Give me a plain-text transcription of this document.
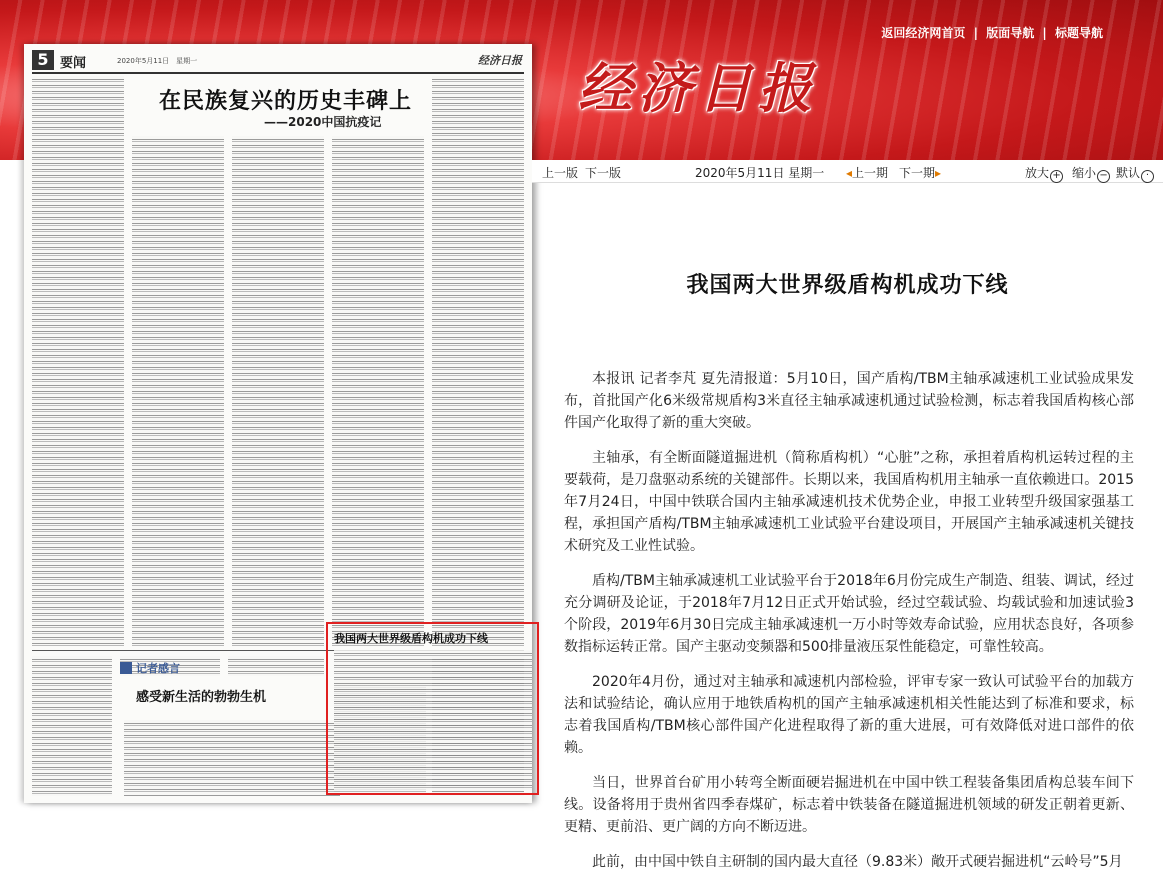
经济日报
返回经济网首页 | 版面导航 | 标题导航
5 要闻	2020年5月11日　星期一	经济日报
在民族复兴的历史丰碑上
——2020中国抗疫记
记者感言
感受新生活的勃勃生机
我国两大世界级盾构机成功下线
上一版 下一版	2020年5月11日 星期一 ◂上一期 下一期▸	放大 + 缩小 − 默认 ·
我国两大世界级盾构机成功下线

本报讯 记者李芃 夏先清报道：5月10日，国产盾构/TBM主轴承减速机工业试验成果发布，首批国产化6米级常规盾构3米直径主轴承减速机通过试验检测，标志着我国盾构核心部件国产化取得了新的重大突破。

主轴承，有全断面隧道掘进机（简称盾构机）“心脏”之称，承担着盾构机运转过程的主要载荷，是刀盘驱动系统的关键部件。长期以来，我国盾构机用主轴承一直依赖进口。2015年7月24日，中国中铁联合国内主轴承减速机技术优势企业，申报工业转型升级国家强基工程，承担国产盾构/TBM主轴承减速机工业试验平台建设项目，开展国产主轴承减速机关键技术研究及工业性试验。

盾构/TBM主轴承减速机工业试验平台于2018年6月份完成生产制造、组装、调试，经过充分调研及论证，于2018年7月12日正式开始试验，经过空载试验、均载试验和加速试验3个阶段，2019年6月30日完成主轴承减速机一万小时等效寿命试验，应用状态良好，各项参数指标运转正常。国产主驱动变频器和500排量液压泵性能稳定，可靠性较高。

2020年4月份，通过对主轴承和减速机内部检验，评审专家一致认可试验平台的加载方法和试验结论，确认应用于地铁盾构机的国产主轴承减速机相关性能达到了标准和要求，标志着我国盾构/TBM核心部件国产化进程取得了新的重大进展，可有效降低对进口部件的依赖。

当日，世界首台矿用小转弯全断面硬岩掘进机在中国中铁工程装备集团盾构总装车间下线。设备将用于贵州省四季春煤矿，标志着中铁装备在隧道掘进机领域的研发正朝着更新、更精、更前沿、更广阔的方向不断迈进。

此前，由中国中铁自主研制的国内最大直径（9.83米）敞开式硬岩掘进机“云岭号”5月
